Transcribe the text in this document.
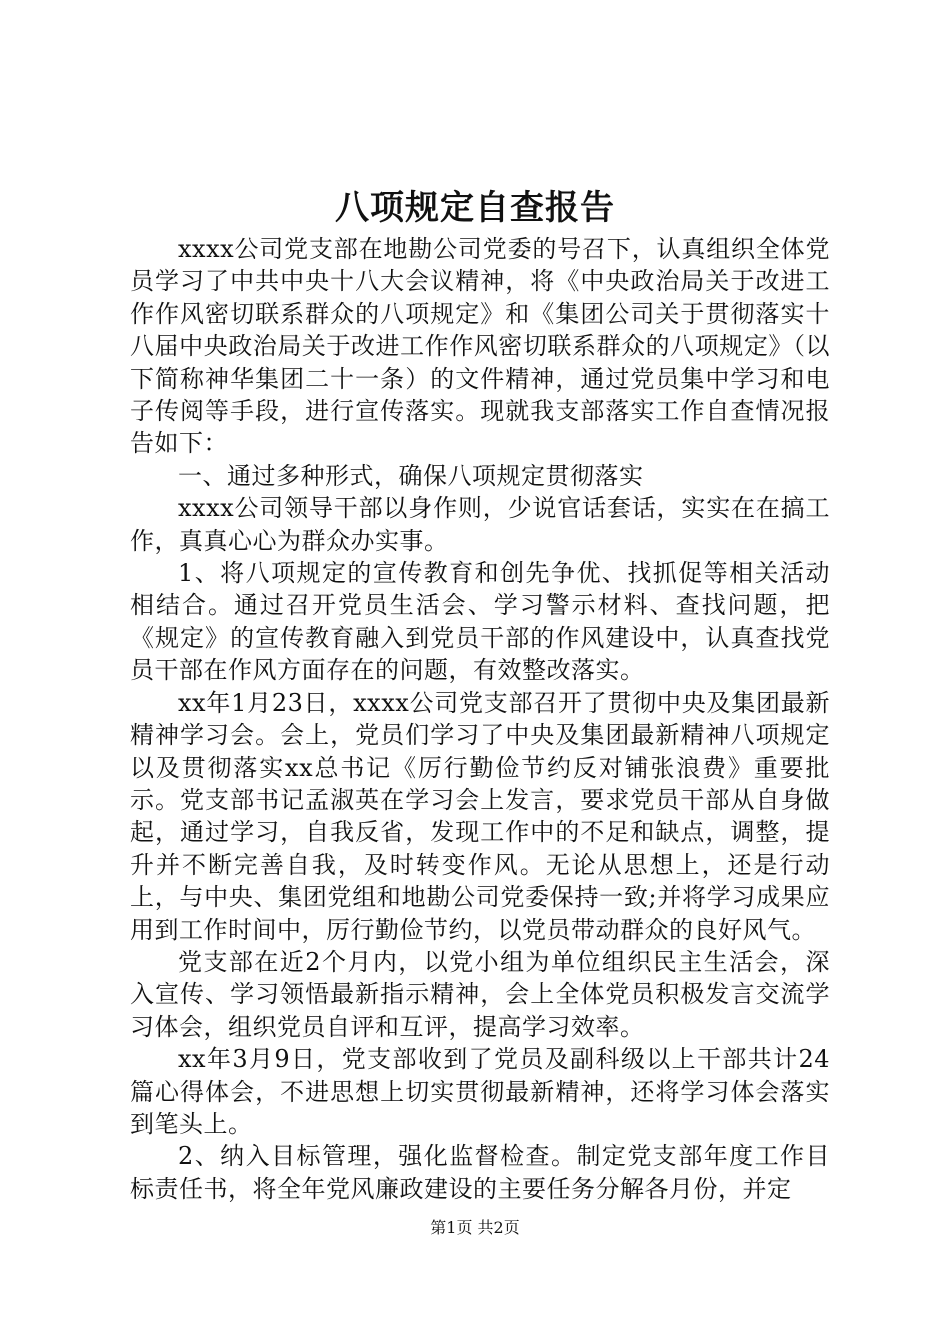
八项规定自查报告

xxxx公司党支部在地勘公司党委的号召下，认真组织全体党员学习了中共中央十八大会议精神，将《中央政治局关于改进工作作风密切联系群众的八项规定》和《集团公司关于贯彻落实十八届中央政治局关于改进工作作风密切联系群众的八项规定》（以下简称神华集团二十一条）的文件精神，通过党员集中学习和电子传阅等手段，进行宣传落实。现就我支部落实工作自查情况报告如下：

一、通过多种形式，确保八项规定贯彻落实

xxxx公司领导干部以身作则，少说官话套话，实实在在搞工作，真真心心为群众办实事。

1、将八项规定的宣传教育和创先争优、找抓促等相关活动相结合。通过召开党员生活会、学习警示材料、查找问题，把《规定》的宣传教育融入到党员干部的作风建设中，认真查找党员干部在作风方面存在的问题，有效整改落实。

xx年1月23日，xxxx公司党支部召开了贯彻中央及集团最新精神学习会。会上，党员们学习了中央及集团最新精神八项规定以及贯彻落实xx总书记《厉行勤俭节约反对铺张浪费》重要批示。党支部书记孟淑英在学习会上发言，要求党员干部从自身做起，通过学习，自我反省，发现工作中的不足和缺点，调整，提升并不断完善自我，及时转变作风。无论从思想上，还是行动上，与中央、集团党组和地勘公司党委保持一致;并将学习成果应用到工作时间中，厉行勤俭节约，以党员带动群众的良好风气。

党支部在近2个月内，以党小组为单位组织民主生活会，深入宣传、学习领悟最新指示精神，会上全体党员积极发言交流学习体会，组织党员自评和互评，提高学习效率。

xx年3月9日，党支部收到了党员及副科级以上干部共计24篇心得体会，不进思想上切实贯彻最新精神，还将学习体会落实到笔头上。

2、纳入目标管理，强化监督检查。制定党支部年度工作目标责任书，将全年党风廉政建设的主要任务分解各月份，并定

第1页 共2页
